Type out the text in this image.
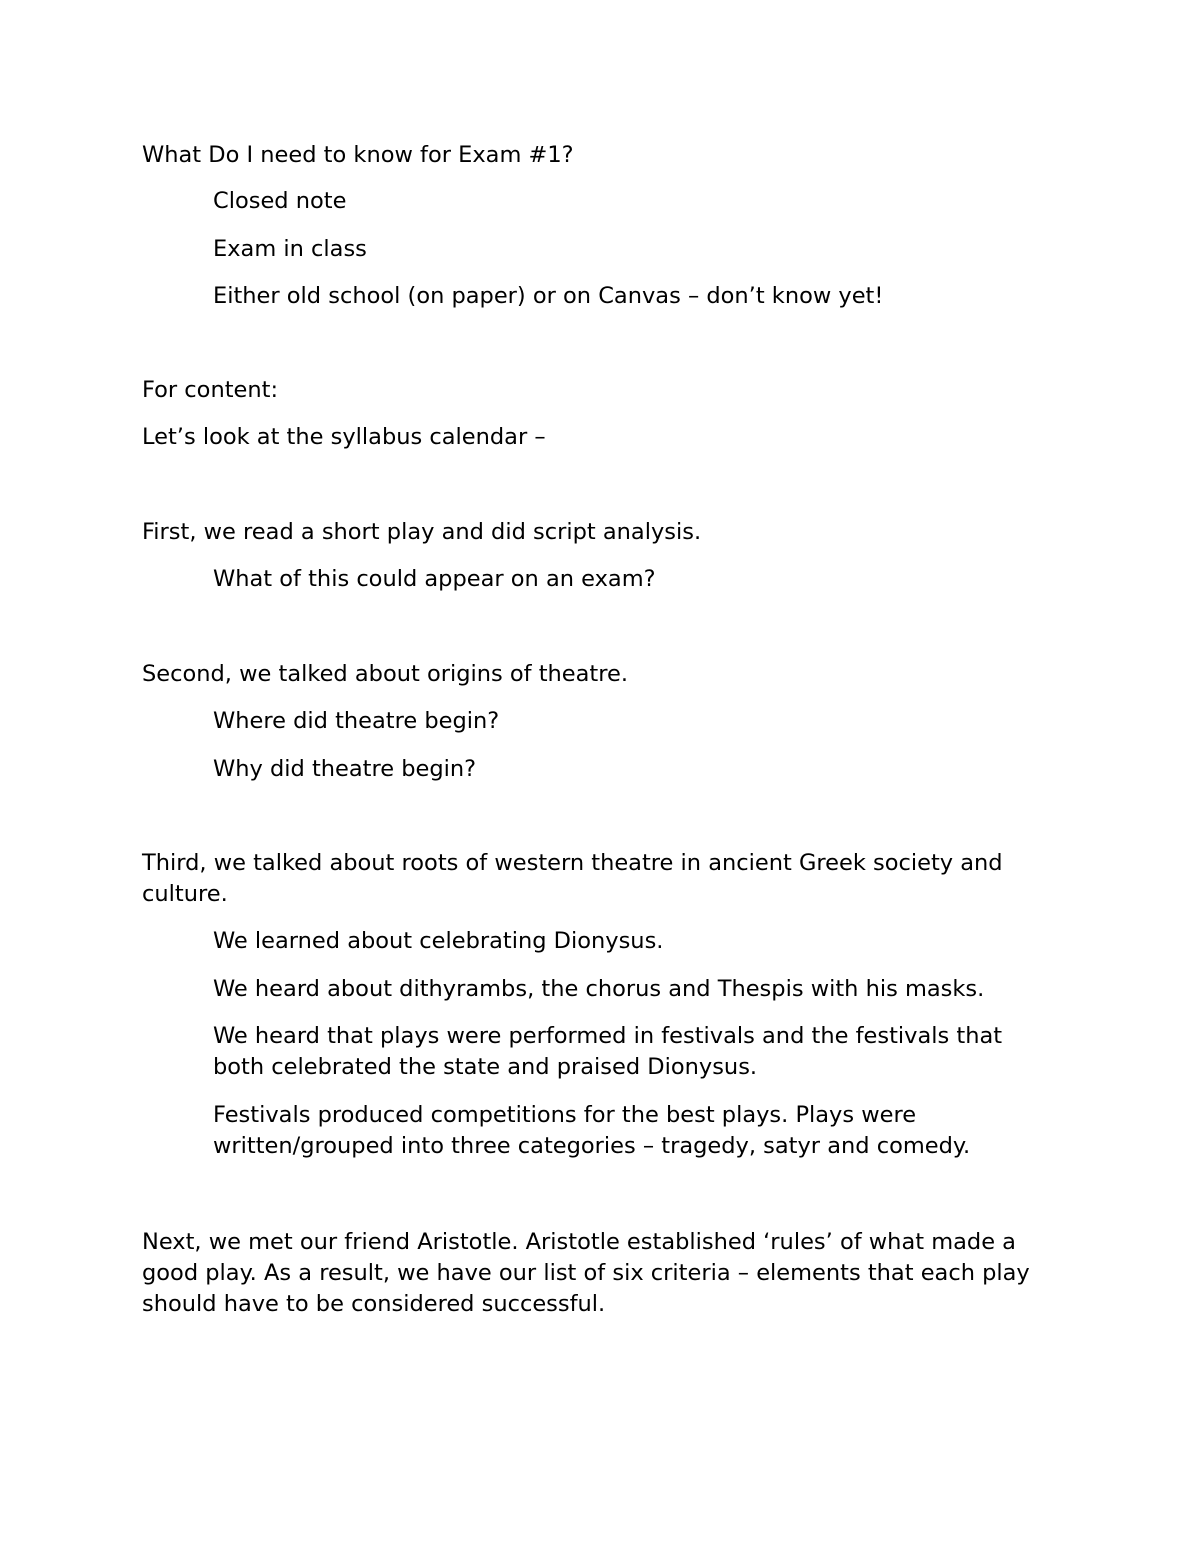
What Do I need to know for Exam #1?

Closed note

Exam in class

Either old school (on paper) or on Canvas – don’t know yet!

For content:

Let’s look at the syllabus calendar –

First, we read a short play and did script analysis.

What of this could appear on an exam?

Second, we talked about origins of theatre.

Where did theatre begin?

Why did theatre begin?

Third, we talked about roots of western theatre in ancient Greek society and culture.

We learned about celebrating Dionysus.

We heard about dithyrambs, the chorus and Thespis with his masks.

We heard that plays were performed in festivals and the festivals that both celebrated the state and praised Dionysus.

Festivals produced competitions for the best plays. Plays were written/grouped into three categories – tragedy, satyr and comedy.

Next, we met our friend Aristotle. Aristotle established ‘rules’ of what made a good play. As a result, we have our list of six criteria – elements that each play should have to be considered successful.
